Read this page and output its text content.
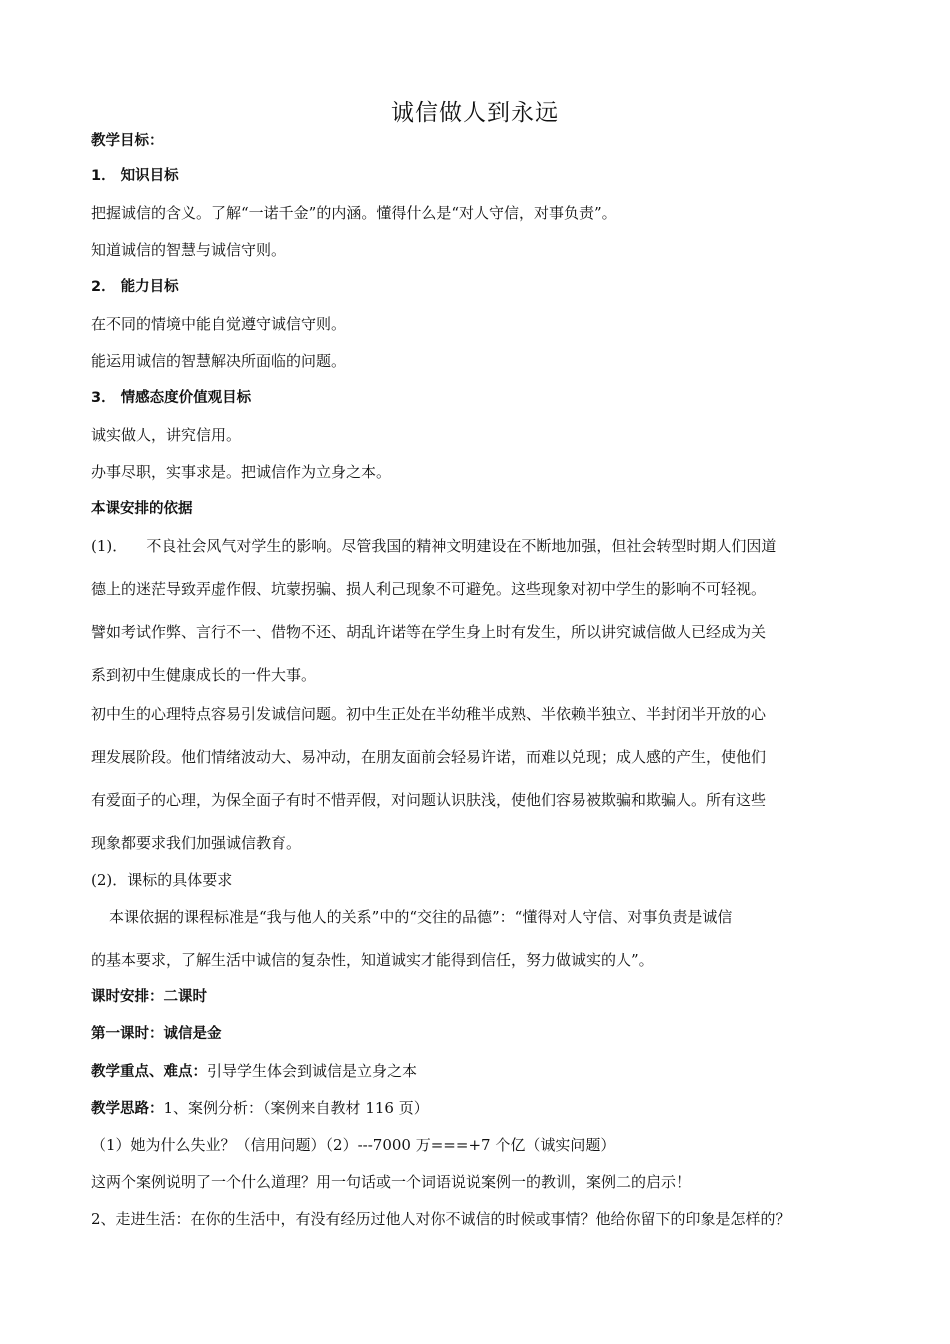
诚信做人到永远
教学目标：
1． 知识目标
把握诚信的含义。了解“一诺千金”的内涵。懂得什么是“对人守信，对事负责”。
知道诚信的智慧与诚信守则。
2． 能力目标
在不同的情境中能自觉遵守诚信守则。
能运用诚信的智慧解决所面临的问题。
3． 情感态度价值观目标
诚实做人，讲究信用。
办事尽职，实事求是。把诚信作为立身之本。
本课安排的依据
(1)．    不良社会风气对学生的影响。尽管我国的精神文明建设在不断地加强，但社会转型时期人们因道
德上的迷茫导致弄虚作假、坑蒙拐骗、损人利己现象不可避免。这些现象对初中学生的影响不可轻视。
譬如考试作弊、言行不一、借物不还、胡乱许诺等在学生身上时有发生，所以讲究诚信做人已经成为关
系到初中生健康成长的一件大事。
初中生的心理特点容易引发诚信问题。初中生正处在半幼稚半成熟、半依赖半独立、半封闭半开放的心
理发展阶段。他们情绪波动大、易冲动，在朋友面前会轻易许诺，而难以兑现；成人感的产生，使他们
有爱面子的心理，为保全面子有时不惜弄假，对问题认识肤浅，使他们容易被欺骗和欺骗人。所有这些
现象都要求我们加强诚信教育。
(2)．课标的具体要求
本课依据的课程标准是“我与他人的关系”中的“交往的品德”：“懂得对人守信、对事负责是诚信
的基本要求，了解生活中诚信的复杂性，知道诚实才能得到信任，努力做诚实的人”。
课时安排：二课时
第一课时：诚信是金
教学重点、难点：引导学生体会到诚信是立身之本
教学思路：1、案例分析：（案例来自教材 116 页）
（1）她为什么失业？（信用问题）（2）---7000 万===+7 个亿（诚实问题）
这两个案例说明了一个什么道理？用一句话或一个词语说说案例一的教训，案例二的启示！
2、走进生活：在你的生活中，有没有经历过他人对你不诚信的时候或事情？他给你留下的印象是怎样的？
